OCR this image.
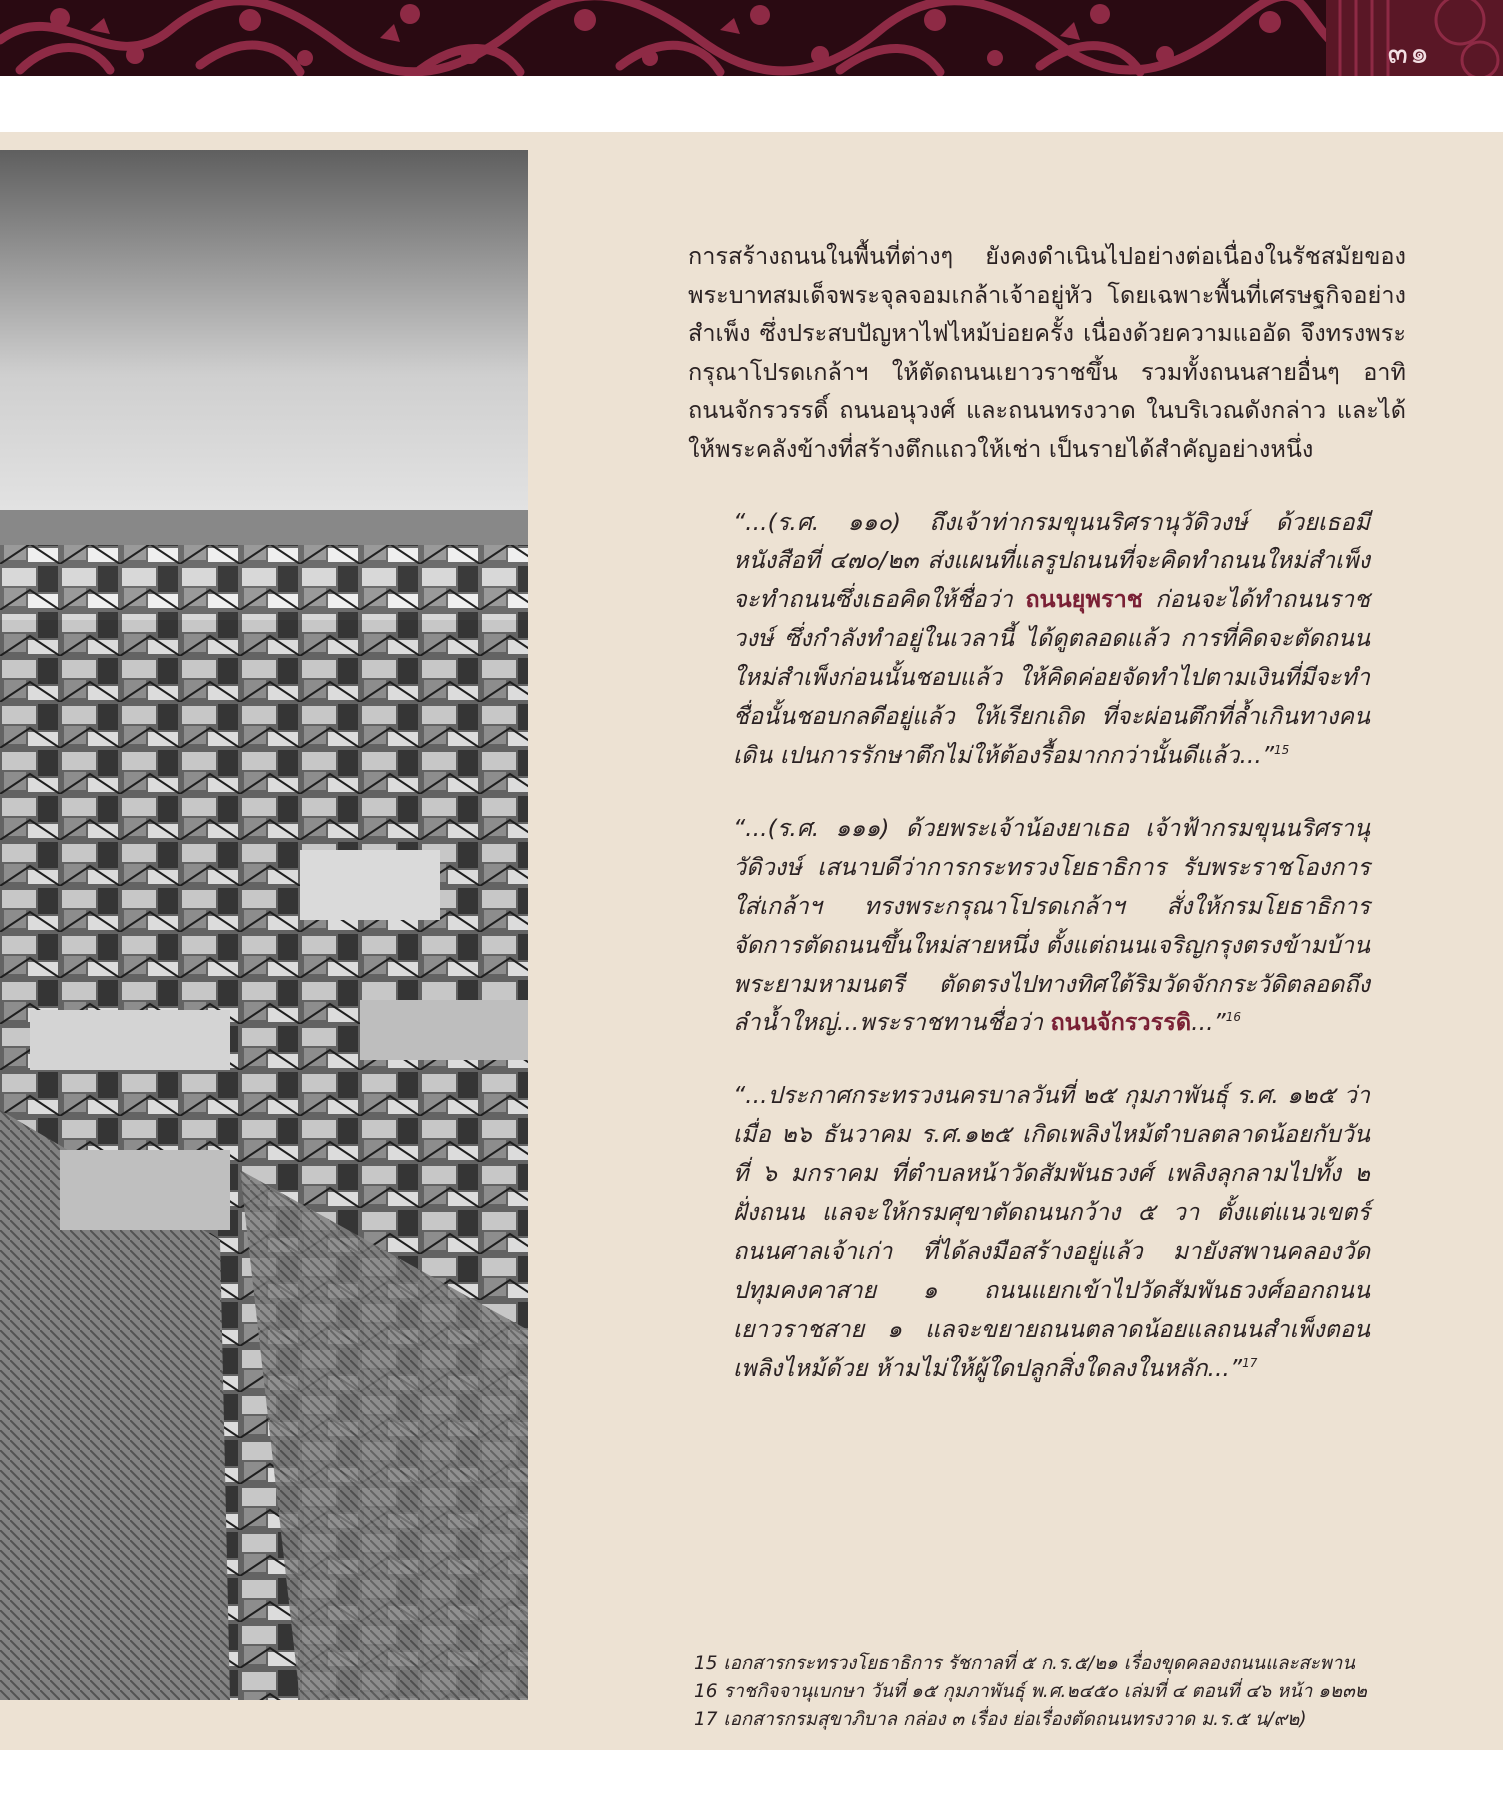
๓๑

การสร้างถนนในพื้นที่ต่างๆ ยังคงดำเนินไปอย่างต่อเนื่องในรัชสมัยของพระบาทสมเด็จพระจุลจอมเกล้าเจ้าอยู่หัว โดยเฉพาะพื้นที่เศรษฐกิจอย่างสำเพ็ง ซึ่งประสบปัญหาไฟไหม้บ่อยครั้ง เนื่องด้วยความแออัด จึงทรงพระกรุณาโปรดเกล้าฯ ให้ตัดถนนเยาวราชขึ้น รวมทั้งถนนสายอื่นๆ อาทิ ถนนจักรวรรดิ์ ถนนอนุวงศ์ และถนนทรงวาด ในบริเวณดังกล่าว และได้ให้พระคลังข้างที่สร้างตึกแถวให้เช่า เป็นรายได้สำคัญอย่างหนึ่ง

“...(ร.ศ. ๑๑๐) ถึงเจ้าท่ากรมขุนนริศรานุวัดิวงษ์ ด้วยเธอมีหนังสือที่ ๔๗๐/๒๓ ส่งแผนที่แลรูปถนนที่จะคิดทำถนนใหม่สำเพ็ง จะทำถนนซึ่งเธอคิดให้ชื่อว่า ถนนยุพราช ก่อนจะได้ทำถนนราชวงษ์ ซึ่งกำลังทำอยู่ในเวลานี้ ได้ดูตลอดแล้ว การที่คิดจะตัดถนนใหม่สำเพ็งก่อนนั้นชอบแล้ว ให้คิดค่อยจัดทำไปตามเงินที่มีจะทำ ชื่อนั้นชอบกลดีอยู่แล้ว ให้เรียกเถิด ที่จะผ่อนตึกที่ล้ำเกินทางคนเดิน เปนการรักษาตึกไม่ให้ต้องรื้อมากกว่านั้นดีแล้ว...”$^{15}$

“...(ร.ศ. ๑๑๑) ด้วยพระเจ้าน้องยาเธอ เจ้าฟ้ากรมขุนนริศรานุวัดิวงษ์ เสนาบดีว่าการกระทรวงโยธาธิการ รับพระราชโองการใส่เกล้าฯ ทรงพระกรุณาโปรดเกล้าฯ สั่งให้กรมโยธาธิการ จัดการตัดถนนขึ้นใหม่สายหนึ่ง ตั้งแต่ถนนเจริญกรุงตรงข้ามบ้านพระยามหามนตรี ตัดตรงไปทางทิศใต้ริมวัดจักกระวัดิตลอดถึงลำน้ำใหญ่...พระราชทานชื่อว่า ถนนจักรวรรดิ...”$^{16}$

“...ประกาศกระทรวงนครบาลวันที่ ๒๕ กุมภาพันธุ์ ร.ศ. ๑๒๕ ว่าเมื่อ ๒๖ ธันวาคม ร.ศ.๑๒๕ เกิดเพลิงไหม้ตำบลตลาดน้อยกับวันที่ ๖ มกราคม ที่ตำบลหน้าวัดสัมพันธวงศ์ เพลิงลุกลามไปทั้ง ๒ ฝั่งถนน แลจะให้กรมศุขาตัดถนนกว้าง ๕ วา ตั้งแต่แนวเขตร์ถนนศาลเจ้าเก่า ที่ได้ลงมือสร้างอยู่แล้ว มายังสพานคลองวัดปทุมคงคาสาย ๑ ถนนแยกเข้าไปวัดสัมพันธวงศ์ออกถนนเยาวราชสาย ๑ แลจะขยายถนนตลาดน้อยแลถนนสำเพ็งตอนเพลิงไหม้ด้วย ห้ามไม่ให้ผู้ใดปลูกสิ่งใดลงในหลัก...”$^{17}$

15 เอกสารกระทรวงโยธาธิการ รัชกาลที่ ๕ ก.ร.๕/๒๑ เรื่องขุดคลองถนนและสะพาน
16 ราชกิจจานุเบกษา วันที่ ๑๕ กุมภาพันธุ์ พ.ศ.๒๔๕๐ เล่มที่ ๔ ตอนที่ ๔๖ หน้า ๑๒๓๒
17 เอกสารกรมสุขาภิบาล กล่อง ๓ เรื่อง ย่อเรื่องตัดถนนทรงวาด ม.ร.๕ น/๙๒)
